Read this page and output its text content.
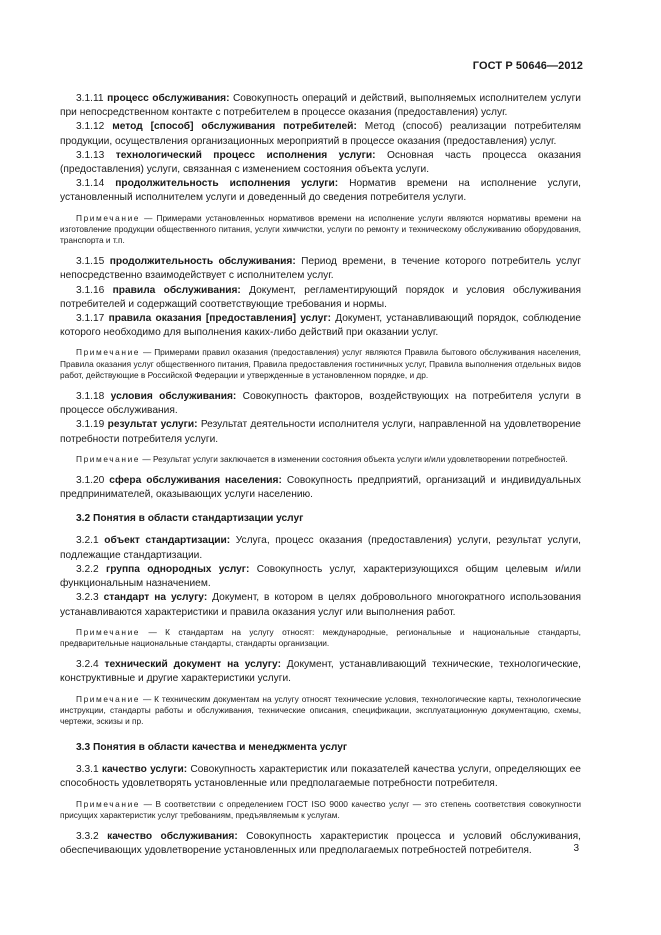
ГОСТ Р 50646—2012

3.1.11 процесс обслуживания: Совокупность операций и действий, выполняемых исполнителем услуги при непосредственном контакте с потребителем в процессе оказания (предоставления) услуг.

3.1.12 метод [способ] обслуживания потребителей: Метод (способ) реализации потребителям продукции, осуществления организационных мероприятий в процессе оказания (предоставления) услуг.

3.1.13 технологический процесс исполнения услуги: Основная часть процесса оказания (предоставления) услуги, связанная с изменением состояния объекта услуги.

3.1.14 продолжительность исполнения услуги: Норматив времени на исполнение услуги, установленный исполнителем услуги и доведенный до сведения потребителя услуги.

Примечание — Примерами установленных нормативов времени на исполнение услуги являются нормативы времени на изготовление продукции общественного питания, услуги химчистки, услуги по ремонту и техническому обслуживанию оборудования, транспорта и т.п.

3.1.15 продолжительность обслуживания: Период времени, в течение которого потребитель услуг непосредственно взаимодействует с исполнителем услуг.

3.1.16 правила обслуживания: Документ, регламентирующий порядок и условия обслуживания потребителей и содержащий соответствующие требования и нормы.

3.1.17 правила оказания [предоставления] услуг: Документ, устанавливающий порядок, соблюдение которого необходимо для выполнения каких-либо действий при оказании услуг.

Примечание — Примерами правил оказания (предоставления) услуг являются Правила бытового обслуживания населения, Правила оказания услуг общественного питания, Правила предоставления гостиничных услуг, Правила выполнения отдельных видов работ, действующие в Российской Федерации и утвержденные в установленном порядке, и др.

3.1.18 условия обслуживания: Совокупность факторов, воздействующих на потребителя услуги в процессе обслуживания.

3.1.19 результат услуги: Результат деятельности исполнителя услуги, направленной на удовлетворение потребности потребителя услуги.

Примечание — Результат услуги заключается в изменении состояния объекта услуги и/или удовлетворении потребностей.

3.1.20 сфера обслуживания населения: Совокупность предприятий, организаций и индивидуальных предпринимателей, оказывающих услуги населению.

3.2 Понятия в области стандартизации услуг

3.2.1 объект стандартизации: Услуга, процесс оказания (предоставления) услуги, результат услуги, подлежащие стандартизации.

3.2.2 группа однородных услуг: Совокупность услуг, характеризующихся общим целевым и/или функциональным назначением.

3.2.3 стандарт на услугу: Документ, в котором в целях добровольного многократного использования устанавливаются характеристики и правила оказания услуг или выполнения работ.

Примечание — К стандартам на услугу относят: международные, региональные и национальные стандарты, предварительные национальные стандарты, стандарты организации.

3.2.4 технический документ на услугу: Документ, устанавливающий технические, технологические, конструктивные и другие характеристики услуги.

Примечание — К техническим документам на услугу относят технические условия, технологические карты, технологические инструкции, стандарты работы и обслуживания, технические описания, спецификации, эксплуатационную документацию, схемы, чертежи, эскизы и пр.

3.3 Понятия в области качества и менеджмента услуг

3.3.1 качество услуги: Совокупность характеристик или показателей качества услуги, определяющих ее способность удовлетворять установленные или предполагаемые потребности потребителя.

Примечание — В соответствии с определением ГОСТ ISO 9000 качество услуг — это степень соответствия совокупности присущих характеристик услуг требованиям, предъявляемым к услугам.

3.3.2 качество обслуживания: Совокупность характеристик процесса и условий обслуживания, обеспечивающих удовлетворение установленных или предполагаемых потребностей потребителя.	3
